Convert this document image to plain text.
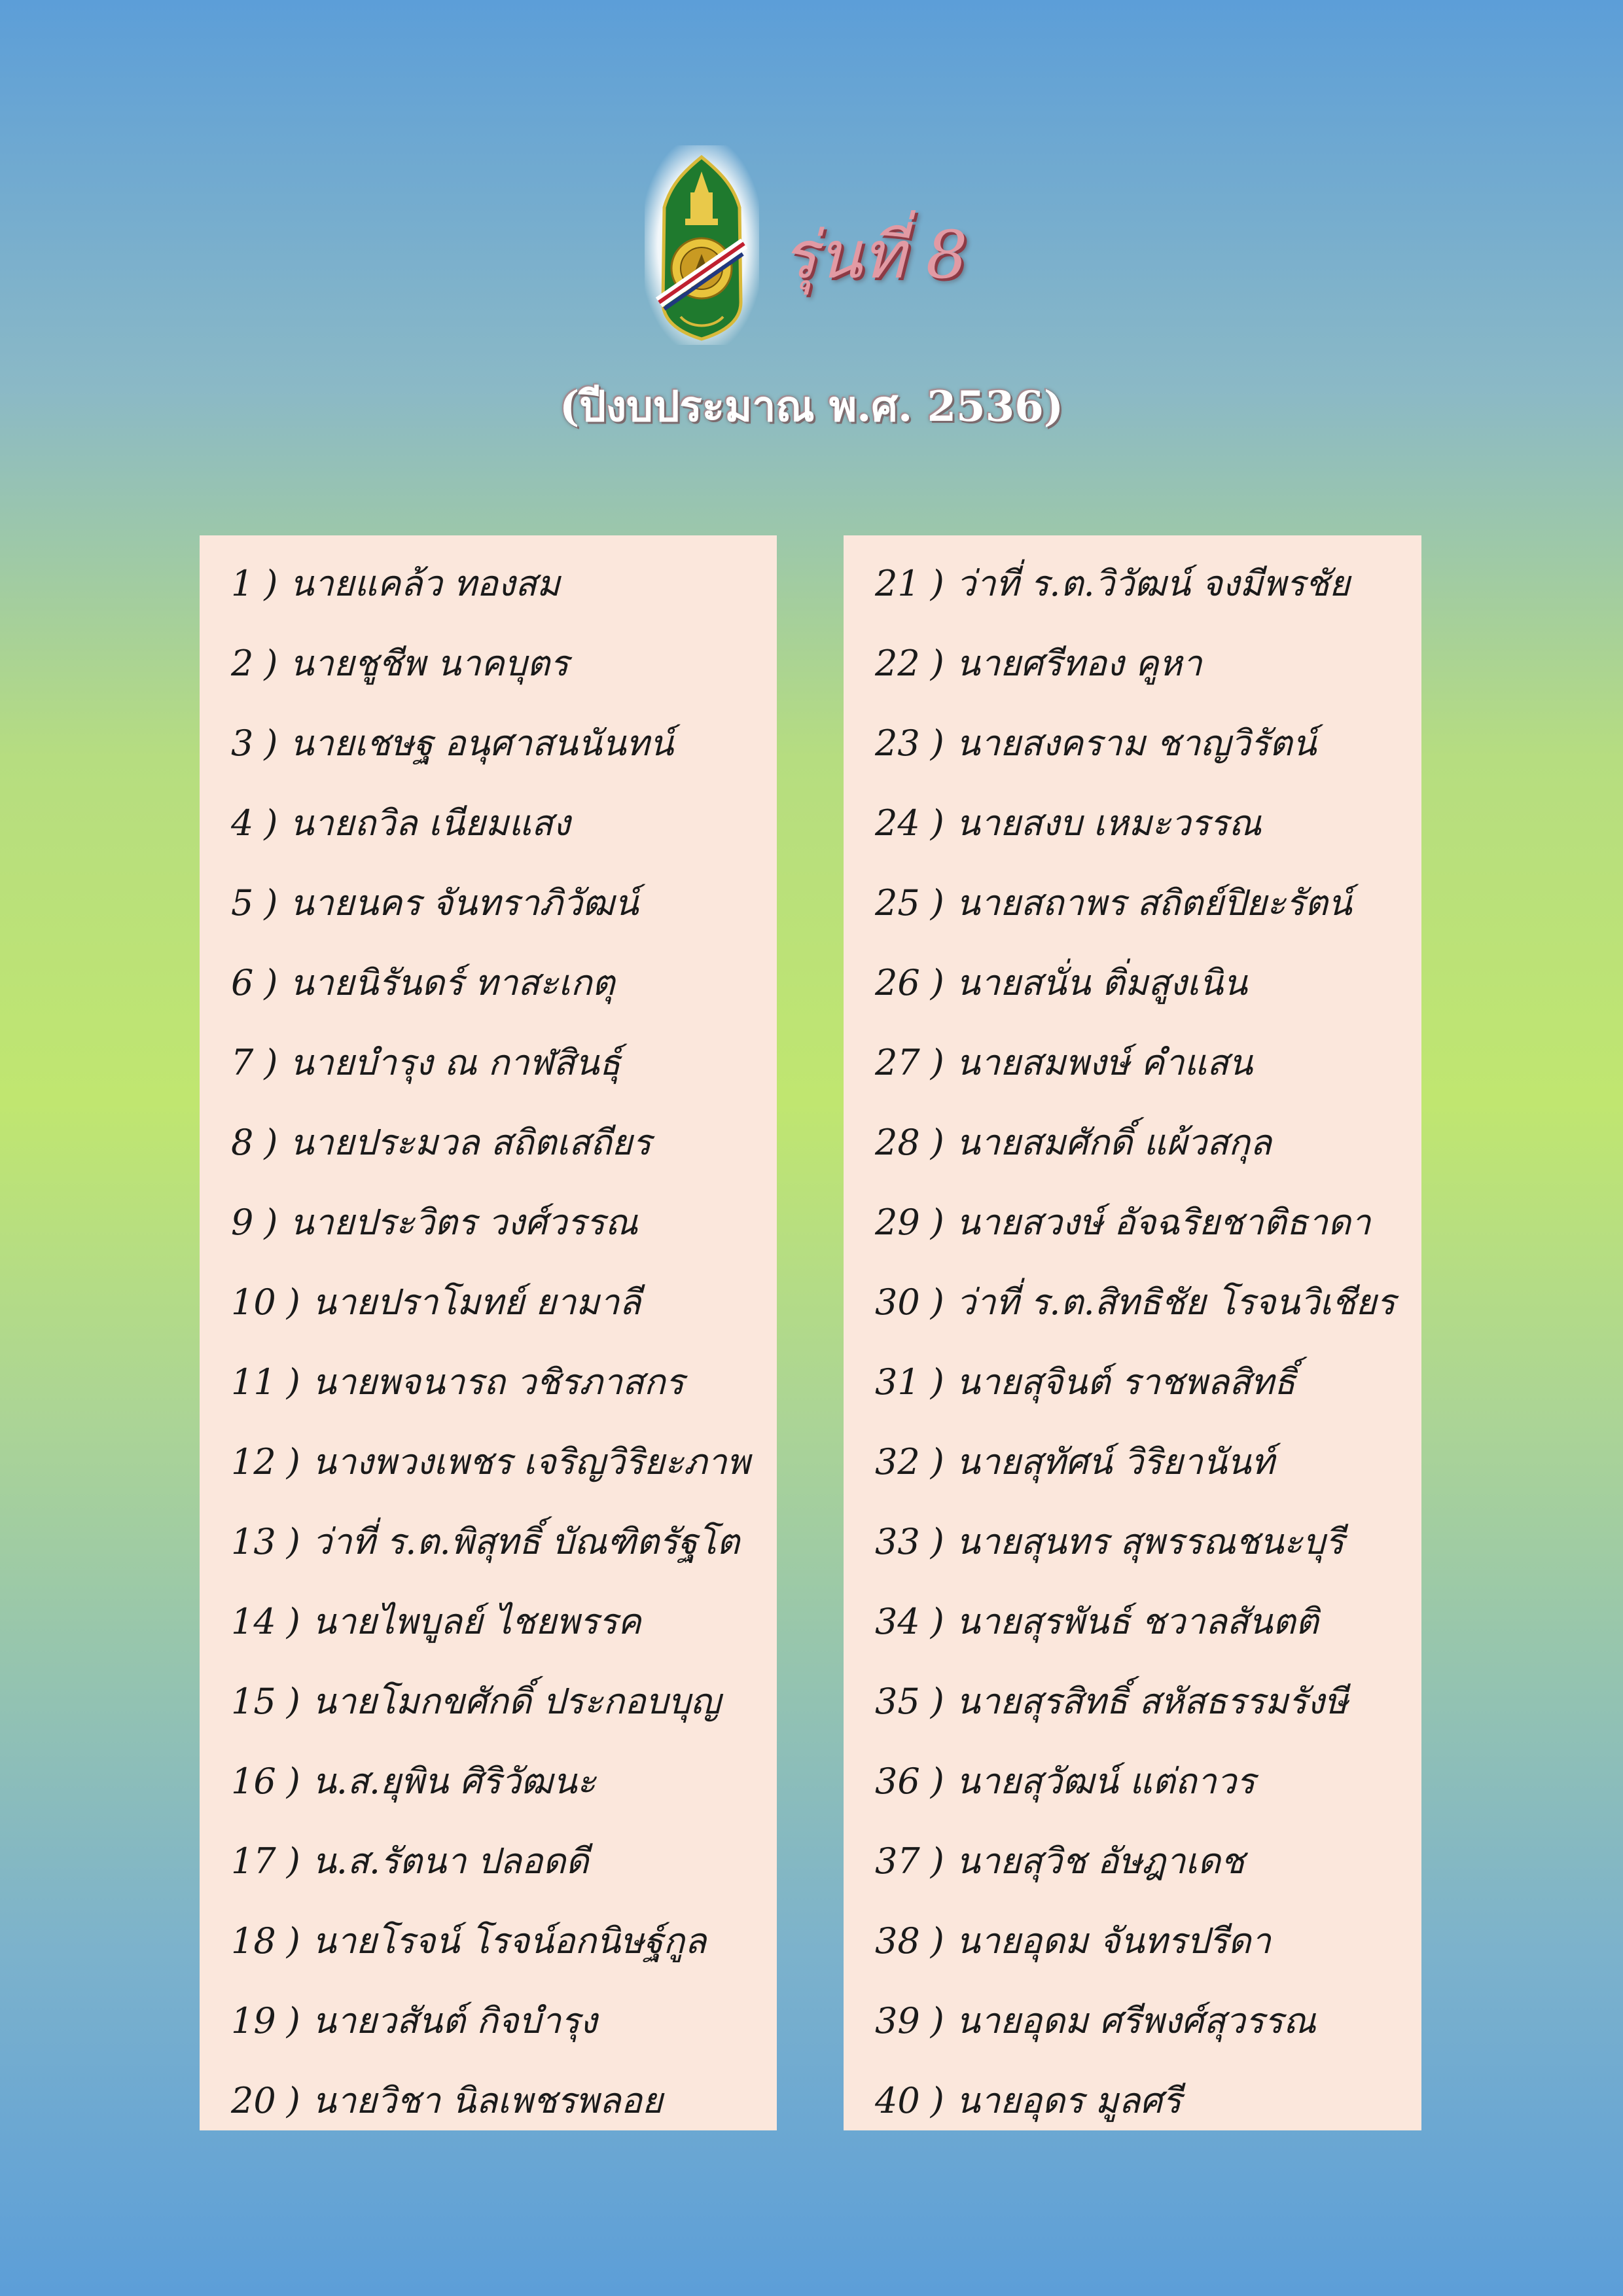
รุ่นที่ 8
(ปีงบประมาณ พ.ศ. 2536)
1 ) นายแคล้ว ทองสม
2 ) นายชูชีพ นาคบุตร
3 ) นายเชษฐ อนุศาสนนันทน์
4 ) นายถวิล เนียมแสง
5 ) นายนคร จันทราภิวัฒน์
6 ) นายนิรันดร์ ทาสะเกตุ
7 ) นายบำรุง ณ กาฬสินธุ์
8 ) นายประมวล สถิตเสถียร
9 ) นายประวิตร วงศ์วรรณ
10 ) นายปราโมทย์ ยามาลี
11 ) นายพจนารถ วชิรภาสกร
12 ) นางพวงเพชร เจริญวิริยะภาพ
13 ) ว่าที่ ร.ต.พิสุทธิ์ บัณฑิตรัฐโต
14 ) นายไพบูลย์ ไชยพรรค
15 ) นายโมกขศักดิ์ ประกอบบุญ
16 ) น.ส.ยุพิน ศิริวัฒนะ
17 ) น.ส.รัตนา ปลอดดี
18 ) นายโรจน์ โรจน์อกนิษฐ์กูล
19 ) นายวสันต์ กิจบำรุง
20 ) นายวิชา นิลเพชรพลอย
21 ) ว่าที่ ร.ต.วิวัฒน์ จงมีพรชัย
22 ) นายศรีทอง คูหา
23 ) นายสงคราม ชาญวิรัตน์
24 ) นายสงบ เหมะวรรณ
25 ) นายสถาพร สถิตย์ปิยะรัตน์
26 ) นายสนั่น ติ่มสูงเนิน
27 ) นายสมพงษ์ คำแสน
28 ) นายสมศักดิ์ แผ้วสกุล
29 ) นายสวงษ์ อัจฉริยชาติธาดา
30 ) ว่าที่ ร.ต.สิทธิชัย โรจนวิเชียร
31 ) นายสุจินต์ ราชพลสิทธิ์
32 ) นายสุทัศน์ วิริยานันท์
33 ) นายสุนทร สุพรรณชนะบุรี
34 ) นายสุรพันธ์ ชวาลสันตติ
35 ) นายสุรสิทธิ์ สหัสธรรมรังษี
36 ) นายสุวัฒน์ แต่ถาวร
37 ) นายสุวิช อัษฎาเดช
38 ) นายอุดม จันทรปรีดา
39 ) นายอุดม ศรีพงศ์สุวรรณ
40 ) นายอุดร มูลศรี
